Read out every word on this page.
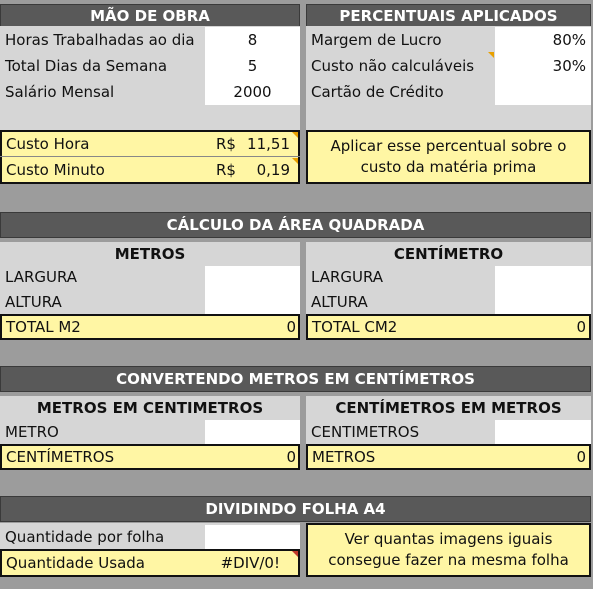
MÃO DE OBRA
Horas Trabalhadas ao dia	8
Total Dias da Semana	5
Salário Mensal	2000
Custo Hora	R$ 11,51
Custo Minuto	R$	0,19
PERCENTUAIS APLICADOS
Margem de Lucro	80%
Custo não calculáveis	30%
Cartão de Crédito
Aplicar esse percentual sobre o custo da matéria prima
CÁLCULO DA ÁREA QUADRADA
METROS	CENTÍMETRO
LARGURA
ALTURA
TOTAL M2	0
LARGURA
ALTURA
TOTAL CM2	0
CONVERTENDO METROS EM CENTÍMETROS
METROS EM CENTIMETROS	CENTÍMETROS EM METROS
METRO
CENTÍMETROS	0
CENTIMETROS
METROS	0
DIVIDINDO FOLHA A4
Quantidade por folha
Quantidade Usada	#DIV/0!
Ver quantas imagens iguais consegue fazer na mesma folha
